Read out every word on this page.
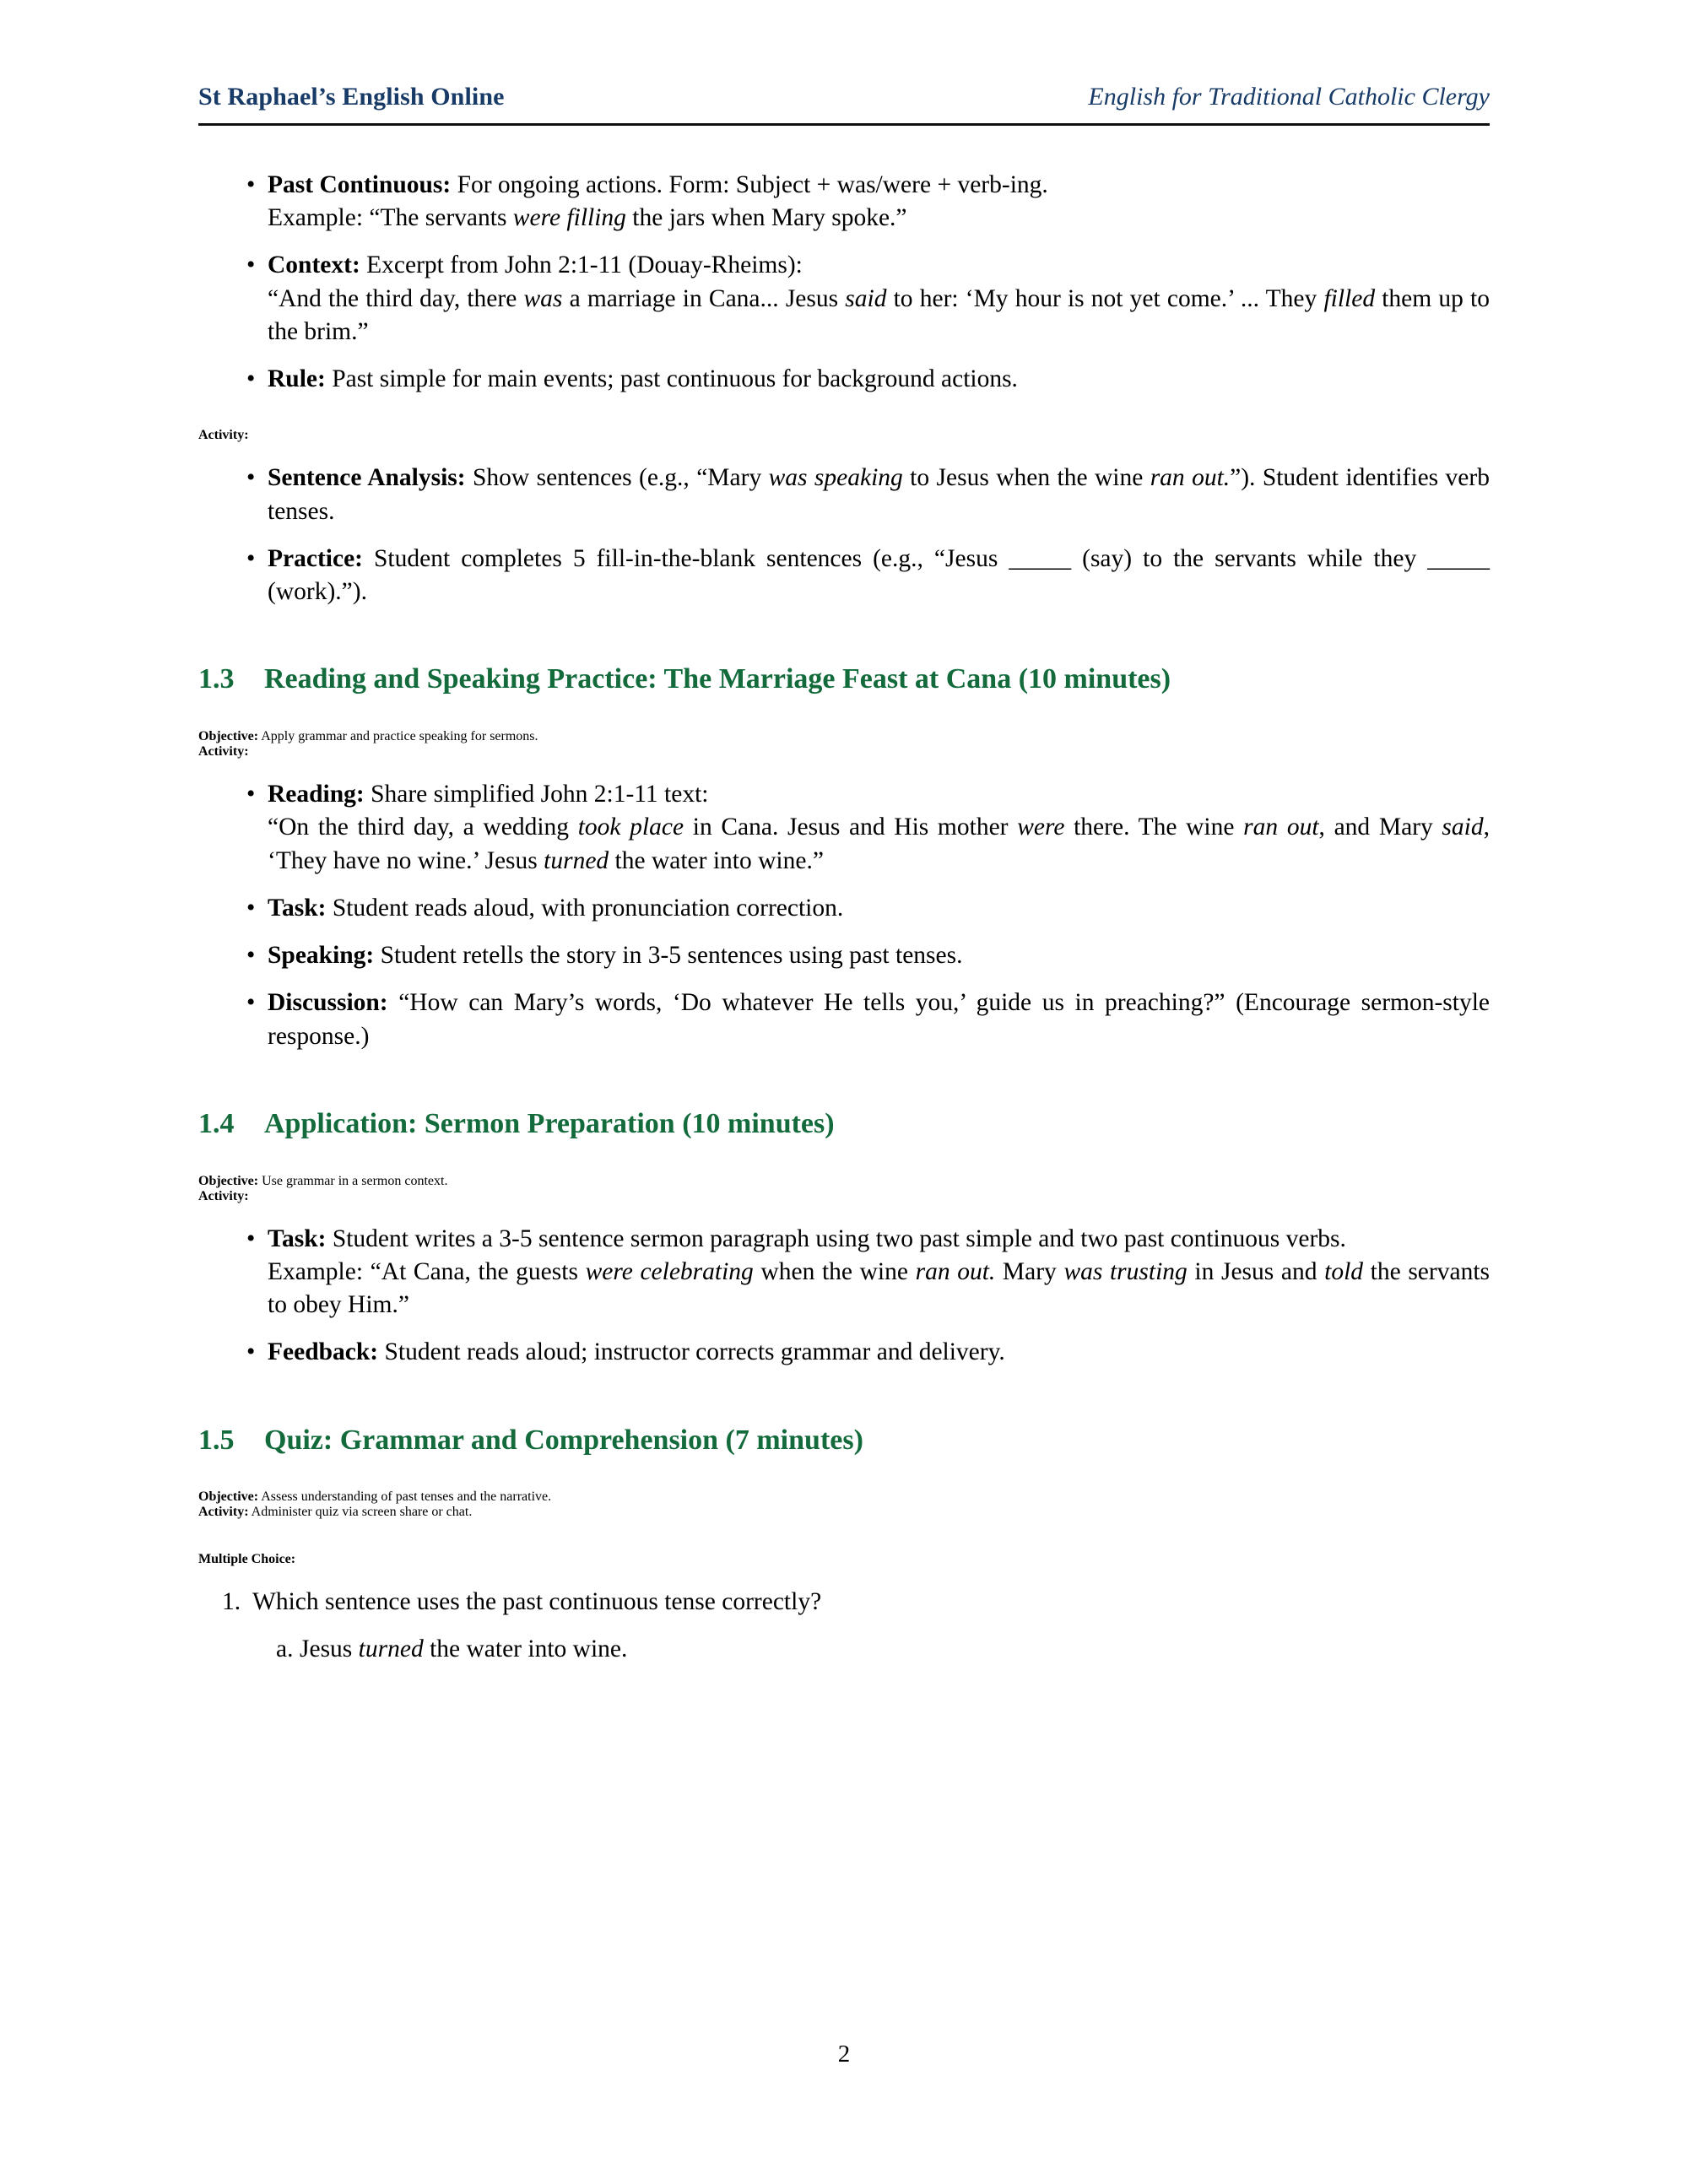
St Raphael’s English Online	English for Traditional Catholic Clergy
• Past Continuous: For ongoing actions. Form: Subject + was/were + verb-ing.

Example: “The servants were filling the jars when Mary spoke.”
• Context: Excerpt from John 2:1-11 (Douay-Rheims):

“And the third day, there was a marriage in Cana... Jesus said to her: ‘My hour is not yet come.’ ... They filled them up to the brim.”
• Rule: Past simple for main events; past continuous for background actions.
Activity:
• Sentence Analysis: Show sentences (e.g., “Mary was speaking to Jesus when the wine ran out.”). Student identifies verb tenses.
• Practice: Student completes 5 fill-in-the-blank sentences (e.g., “Jesus _____ (say) to the servants while they _____ (work).”).
1.3	Reading and Speaking Practice: The Marriage Feast at Cana (10 minutes)
Objective: Apply grammar and practice speaking for sermons.
Activity:
• Reading: Share simplified John 2:1-11 text:

“On the third day, a wedding took place in Cana. Jesus and His mother were there. The wine ran out, and Mary said, ‘They have no wine.’ Jesus turned the water into wine.”
• Task: Student reads aloud, with pronunciation correction.
• Speaking: Student retells the story in 3-5 sentences using past tenses.
• Discussion: “How can Mary’s words, ‘Do whatever He tells you,’ guide us in preaching?” (Encourage sermon-style response.)
1.4	Application: Sermon Preparation (10 minutes)
Objective: Use grammar in a sermon context.
Activity:
• Task: Student writes a 3-5 sentence sermon paragraph using two past simple and two past continuous verbs.

Example: “At Cana, the guests were celebrating when the wine ran out. Mary was trusting in Jesus and told the servants to obey Him.”
• Feedback: Student reads aloud; instructor corrects grammar and delivery.
1.5	Quiz: Grammar and Comprehension (7 minutes)
Objective: Assess understanding of past tenses and the narrative.
Activity: Administer quiz via screen share or chat.
Multiple Choice:
Which sentence uses the past continuous tense correctly?
Jesus turned the water into wine.
2
